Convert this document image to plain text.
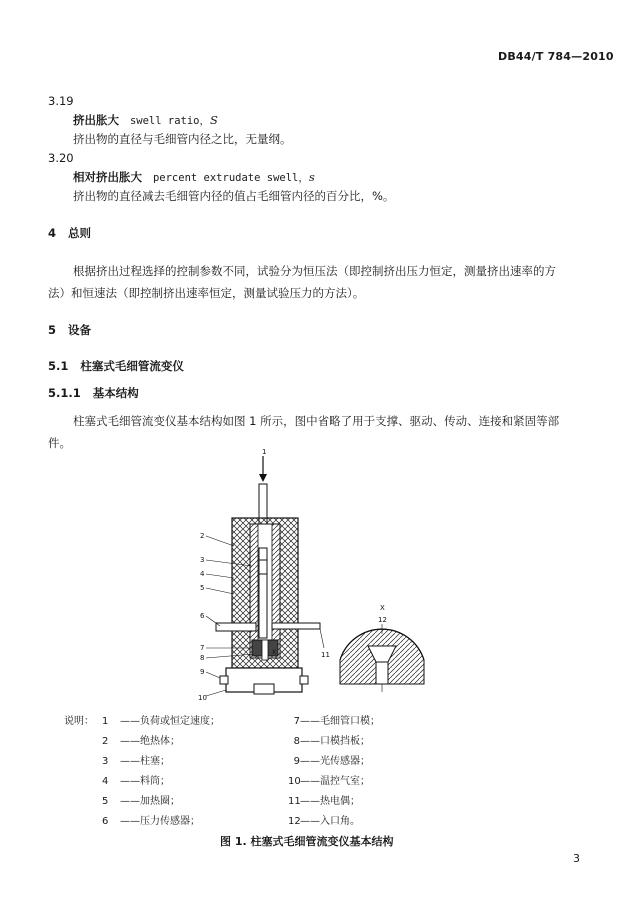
DB44/T 784—2010
3.19
挤出胀大 swell ratio，S
挤出物的直径与毛细管内径之比，无量纲。
3.20
相对挤出胀大 percent extrudate swell，s
挤出物的直径减去毛细管内径的值占毛细管内径的百分比，%。
4 总则
根据挤出过程选择的控制参数不同，试验分为恒压法（即控制挤出压力恒定，测量挤出速率的方
法）和恒速法（即控制挤出速率恒定，测量试验压力的方法）。
5 设备
5.1 柱塞式毛细管流变仪
5.1.1 基本结构
柱塞式毛细管流变仪基本结构如图 1 所示，图中省略了用于支撑、驱动、传动、连接和紧固等部
件。
1
2
3
4
5
6
7
8
9
10
11
X
X
12
说明： 1 ——负荷或恒定速度；
2 ——绝热体；
3 ——柱塞；
4 ——料筒；
5 ——加热圈；
6 ——压力传感器；
7——毛细管口模；
8——口模挡板；
9——光传感器；
10——温控气室；
11——热电偶；
12——入口角。
图 1. 柱塞式毛细管流变仪基本结构
3
